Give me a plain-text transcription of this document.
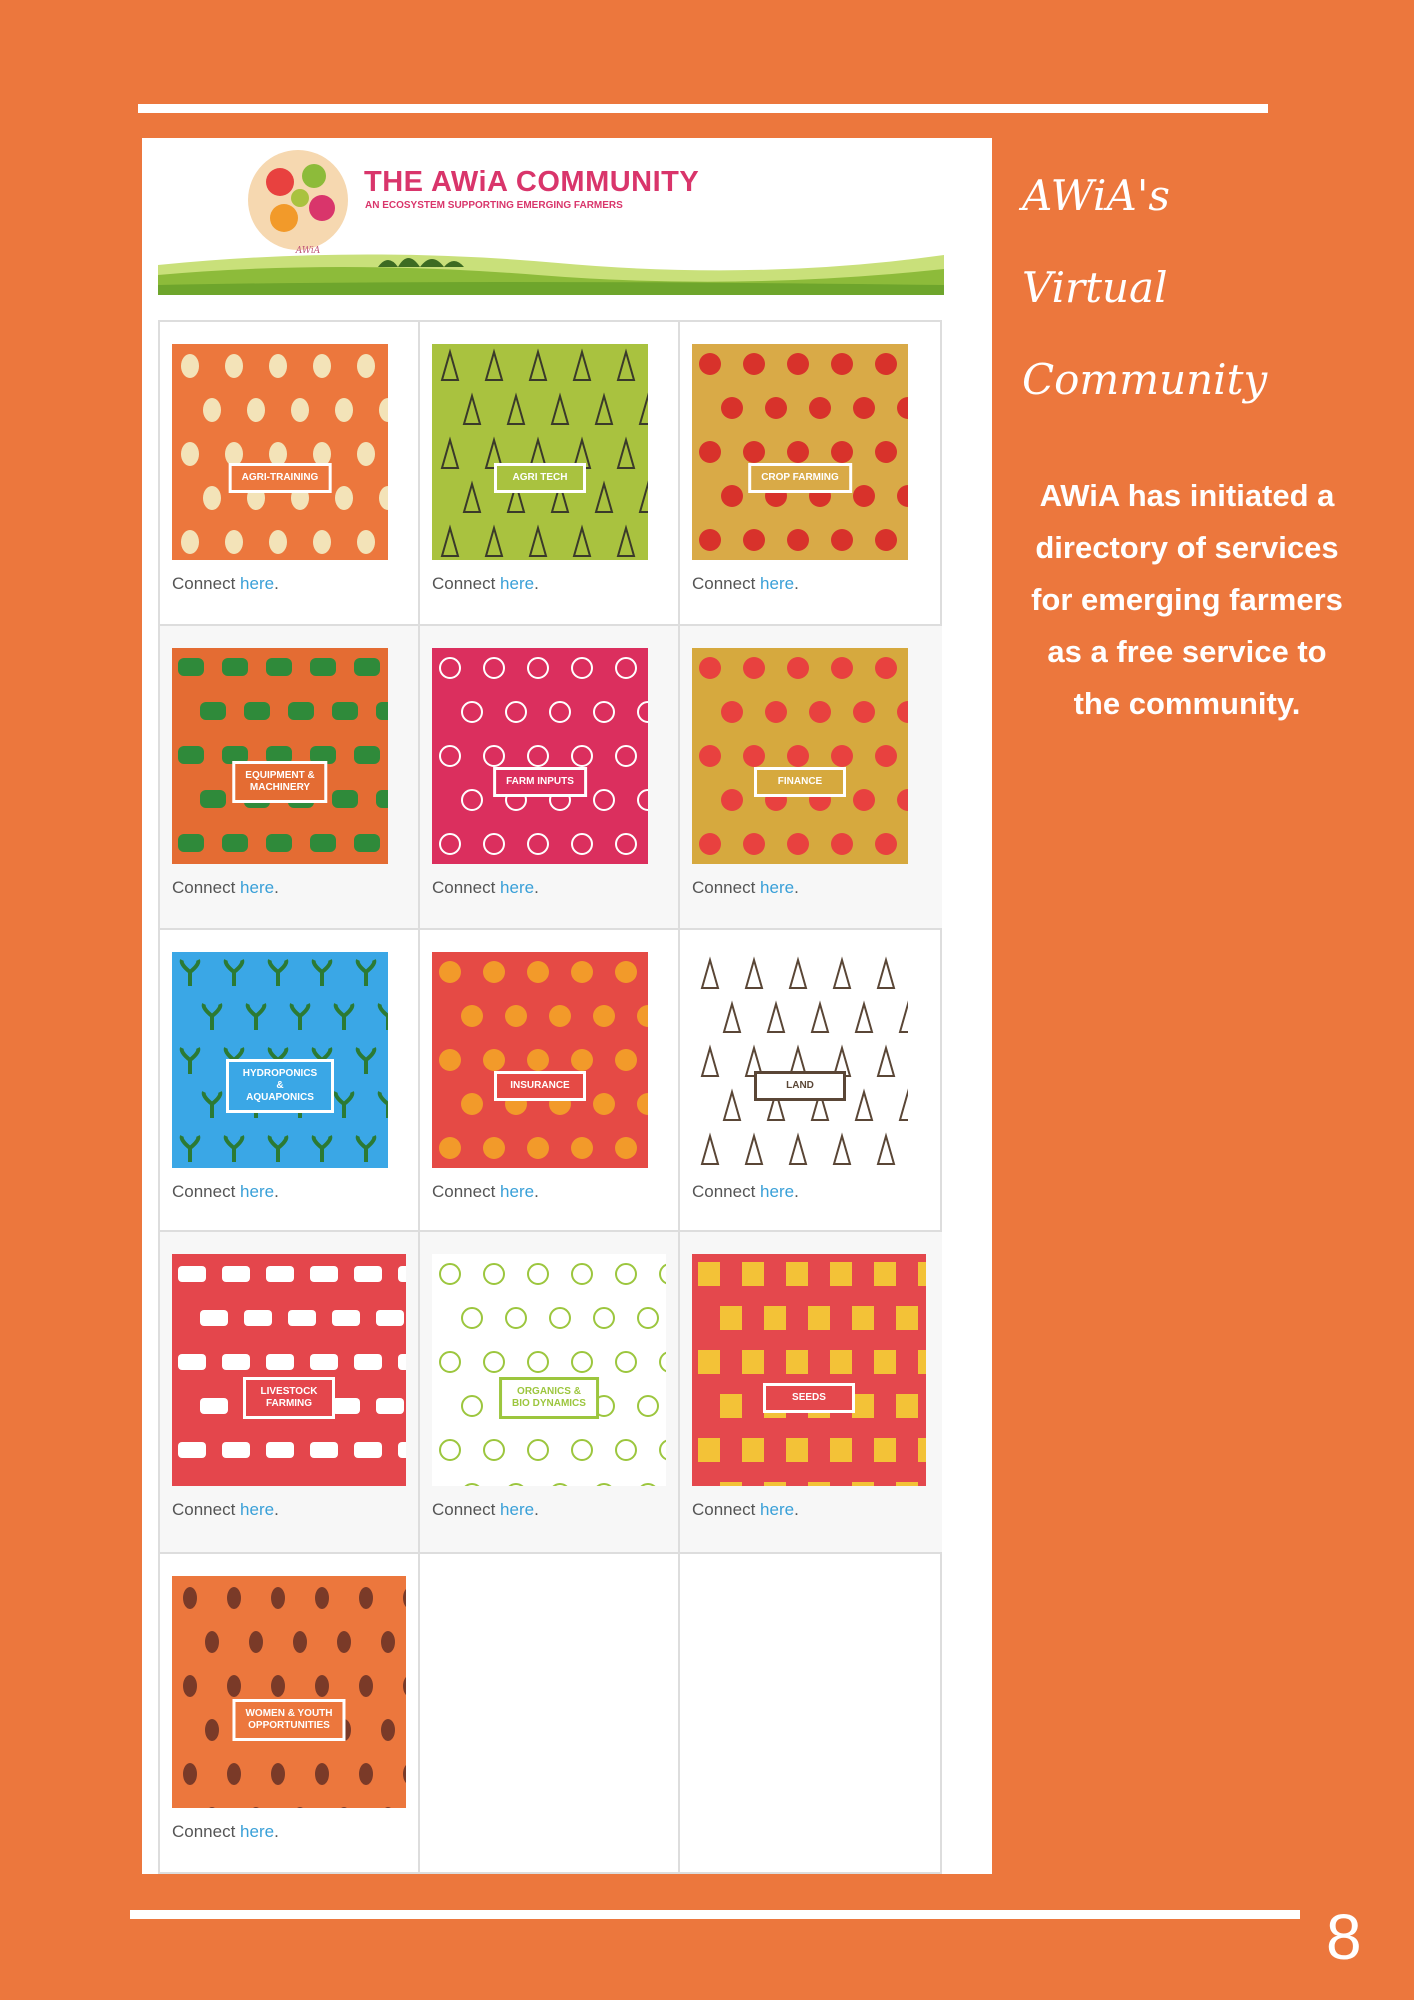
AWiA
THE AWiA COMMUNITY
AN ECOSYSTEM SUPPORTING EMERGING FARMERS
AGRI-TRAINING
Connect here.
AGRI TECH
Connect here.
CROP FARMING
Connect here.
EQUIPMENT &
MACHINERY
Connect here.
FARM INPUTS
Connect here.
FINANCE
Connect here.
HYDROPONICS &
AQUAPONICS
Connect here.
INSURANCE
Connect here.
LAND
Connect here.
LIVESTOCK
FARMING
Connect here.
ORGANICS &
BIO DYNAMICS
Connect here.
SEEDS
Connect here.
WOMEN & YOUTH
OPPORTUNITIES
Connect here.
AWiA's
Virtual
Community
AWiA has initiated a directory of services for emerging farmers as a free service to the community.
8
